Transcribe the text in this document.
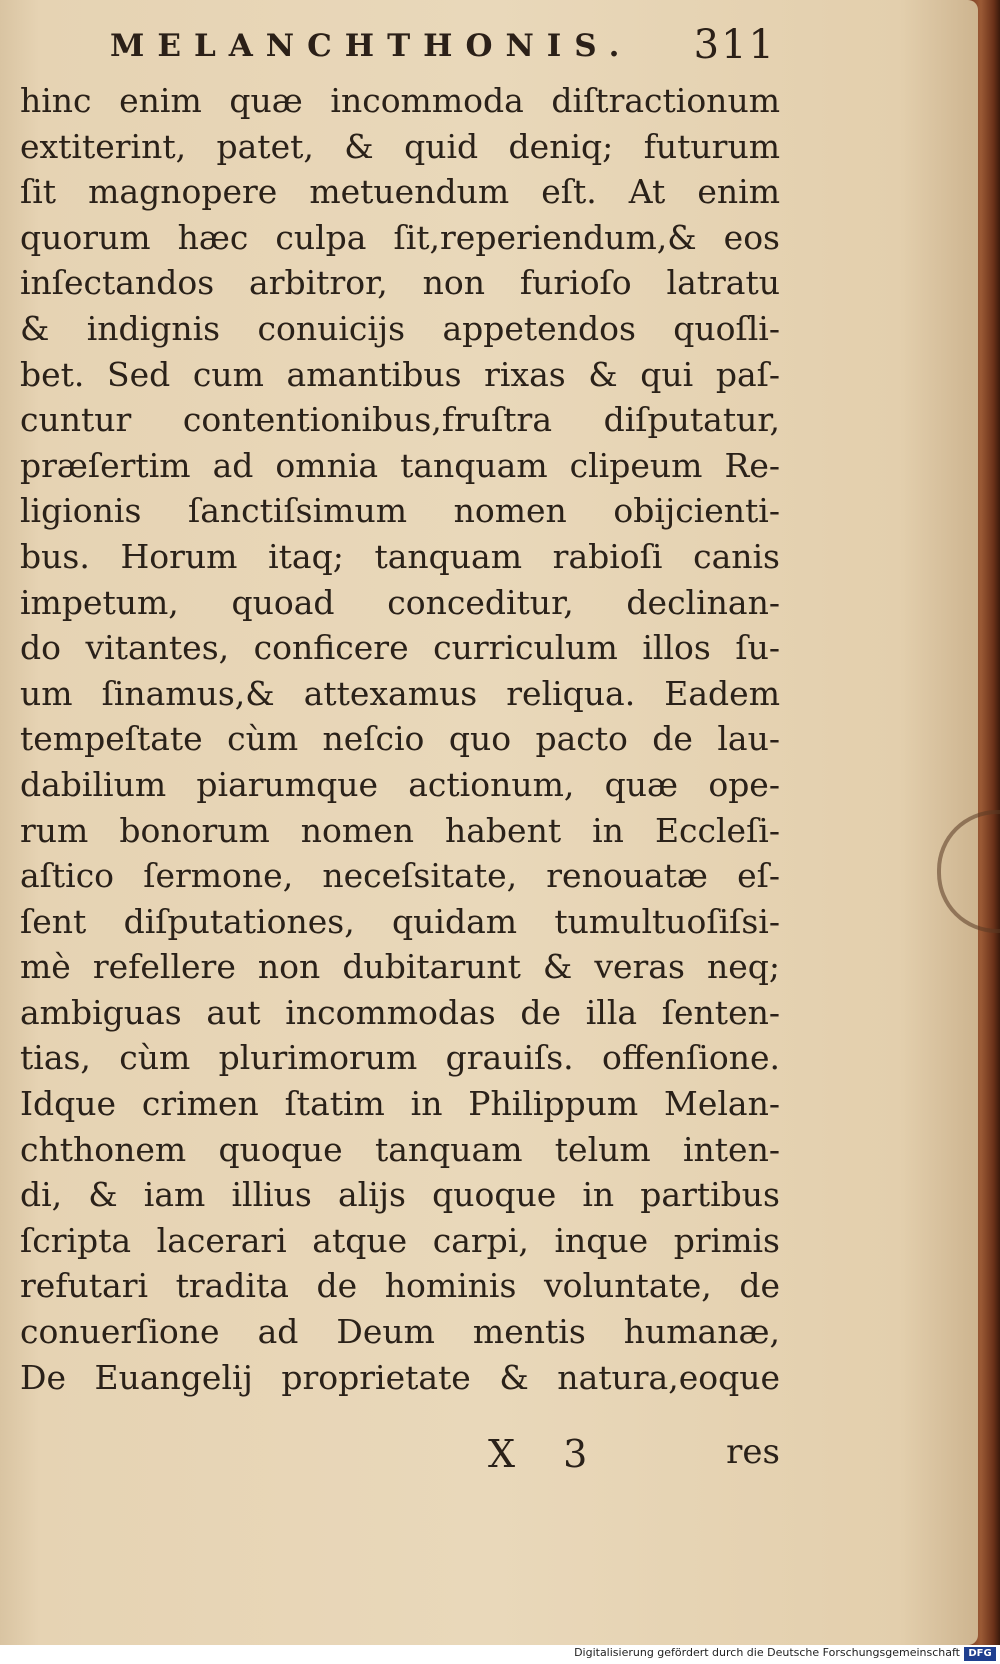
MELANCHTHONIS. 311
hinc enim quæ incommoda diſtractionum
extiterint, patet, & quid deniq; futurum
ſit magnopere metuendum eſt. At enim
quorum hæc culpa ſit,reperiendum,& eos
inſectandos arbitror, non furioſo latratu
& indignis conuicijs appetendos quoſli-
bet. Sed cum amantibus rixas & qui paſ-
cuntur contentionibus,fruſtra diſputatur,
præſertim ad omnia tanquam clipeum Re-
ligionis ſanctiſsimum nomen obijcienti-
bus. Horum itaq; tanquam rabioſi canis
impetum, quoad conceditur, declinan-
do vitantes, conficere curriculum illos ſu-
um ſinamus,& attexamus reliqua. Eadem
tempeſtate cùm neſcio quo pacto de lau-
dabilium piarumque actionum, quæ ope-
rum bonorum nomen habent in Eccleſi-
aſtico ſermone, neceſsitate, renouatæ eſ-
ſent diſputationes, quidam tumultuoſiſsi-
mè refellere non dubitarunt & veras neq;
ambiguas aut incommodas de illa ſenten-
tias, cùm plurimorum grauiſs. offenſione.
Idque crimen ſtatim in Philippum Melan-
chthonem quoque tanquam telum inten-
di, & iam illius alijs quoque in partibus
ſcripta lacerari atque carpi, inque primis
refutari tradita de hominis voluntate, de
conuerſione ad Deum mentis humanæ,
De Euangelij proprietate & natura,eoque
X 3	res
Digitalisierung gefördert durch die Deutsche Forschungsgemeinschaft DFG
